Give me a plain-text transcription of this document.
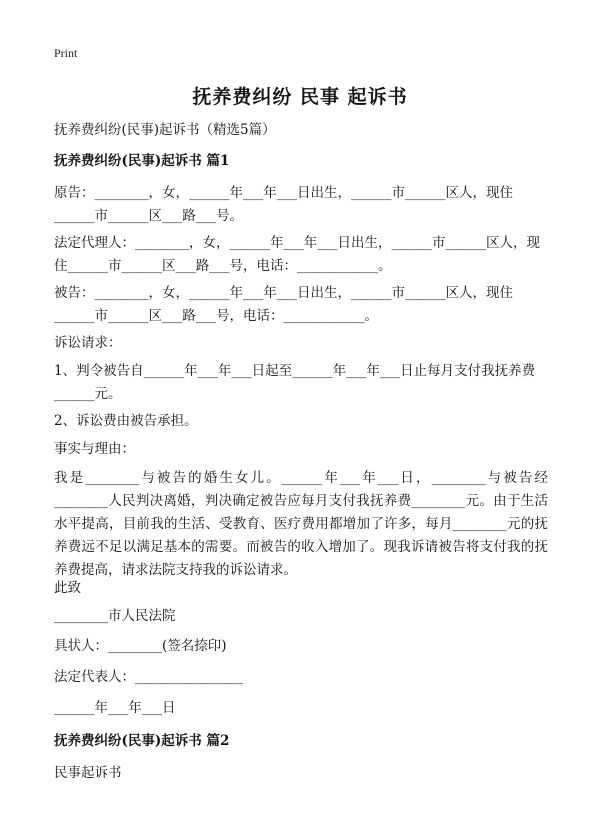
Print
抚养费纠纷 民事 起诉书
抚养费纠纷(民事)起诉书（精选5篇）
抚养费纠纷(民事)起诉书 篇1
原告：________，女，______年___年___日出生，______市______区人，现住
______市______区___路___号。
法定代理人：________，女，______年___年___日出生，______市______区人，现
住______市______区___路___号，电话：____________。
被告：________，女，______年___年___日出生，______市______区人，现住
______市______区___路___号，电话：____________。
诉讼请求：
1、判令被告自______年___年___日起至______年___年___日止每月支付我抚养费
______元。
2、诉讼费由被告承担。
事实与理由：
我是________与被告的婚生女儿。______年___年___日，________与被告经________人民判决离婚，判决确定被告应每月支付我抚养费________元。由于生活水平提高，目前我的生活、受教育、医疗费用都增加了许多，每月________元的抚养费远不足以满足基本的需要。而被告的收入增加了。现我诉请被告将支付我的抚养费提高，请求法院支持我的诉讼请求。
此致
________市人民法院
具状人：________(签名捺印)
法定代表人：________________
______年___年___日
抚养费纠纷(民事)起诉书 篇2
民事起诉书
